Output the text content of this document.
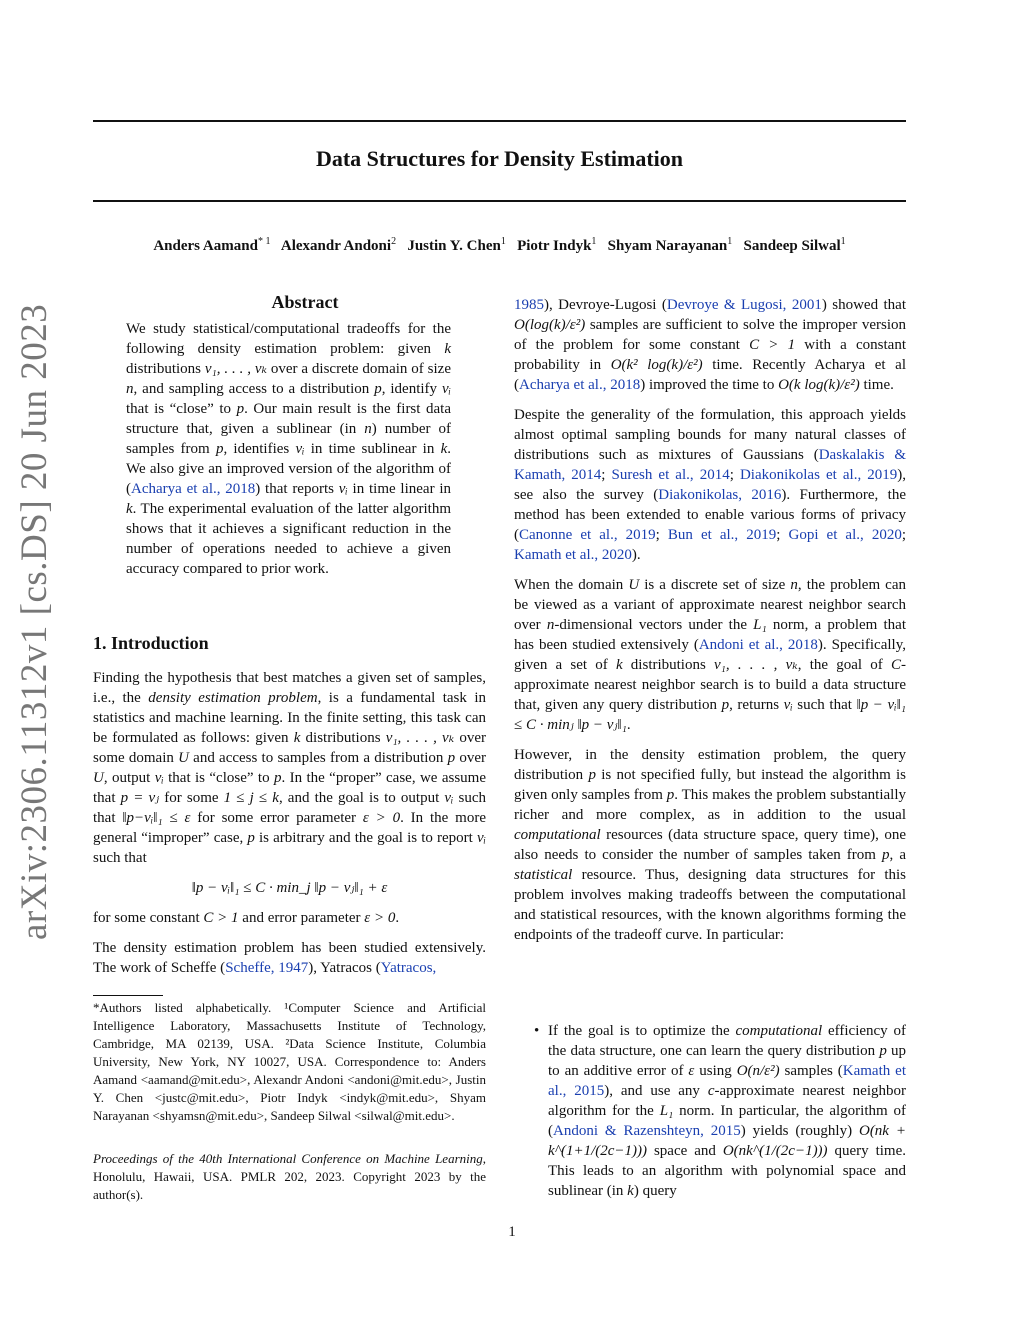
Data Structures for Density Estimation
Anders Aamand$^{* 1}$ Alexandr Andoni$^2$ Justin Y. Chen$^1$ Piotr Indyk$^1$ Shyam Narayanan$^1$ Sandeep Silwal$^1$
arXiv:2306.11312v1 [cs.DS] 20 Jun 2023
Abstract

We study statistical/computational tradeoffs for the following density estimation problem: given k distributions v₁, . . . , vₖ over a discrete domain of size n, and sampling access to a distribution p, identify vᵢ that is “close” to p. Our main result is the first data structure that, given a sublinear (in n) number of samples from p, identifies vᵢ in time sublinear in k. We also give an improved version of the algorithm of (Acharya et al., 2018) that reports vᵢ in time linear in k. The experimental evaluation of the latter algorithm shows that it achieves a significant reduction in the number of operations needed to achieve a given accuracy compared to prior work.

1. Introduction

Finding the hypothesis that best matches a given set of samples, i.e., the density estimation problem, is a fundamental task in statistics and machine learning. In the finite setting, this task can be formulated as follows: given k distributions v₁, . . . , vₖ over some domain U and access to samples from a distribution p over U, output vᵢ that is “close” to p. In the “proper” case, we assume that p = vⱼ for some 1 ≤ j ≤ k, and the goal is to output vᵢ such that ‖p−vᵢ‖₁ ≤ ε for some error parameter ε > 0. In the more general “improper” case, p is arbitrary and the goal is to report vᵢ such that

‖p − vᵢ‖₁ ≤ C · min_j ‖p − vⱼ‖₁ + ε

for some constant C > 1 and error parameter ε > 0.

The density estimation problem has been studied extensively. The work of Scheffe (Scheffe, 1947), Yatracos (Yatracos,

*Authors listed alphabetically. ¹Computer Science and Artificial Intelligence Laboratory, Massachusetts Institute of Technology, Cambridge, MA 02139, USA. ²Data Science Institute, Columbia University, New York, NY 10027, USA. Correspondence to: Anders Aamand <aamand@mit.edu>, Alexandr Andoni <andoni@mit.edu>, Justin Y. Chen <justc@mit.edu>, Piotr Indyk <indyk@mit.edu>, Shyam Narayanan <shyamsn@mit.edu>, Sandeep Silwal <silwal@mit.edu>.
Proceedings of the 40th International Conference on Machine Learning, Honolulu, Hawaii, USA. PMLR 202, 2023. Copyright 2023 by the author(s).

1985), Devroye-Lugosi (Devroye & Lugosi, 2001) showed that O(log(k)/ε²) samples are sufficient to solve the improper version of the problem for some constant C > 1 with a constant probability in O(k² log(k)/ε²) time. Recently Acharya et al (Acharya et al., 2018) improved the time to O(k log(k)/ε²) time.

Despite the generality of the formulation, this approach yields almost optimal sampling bounds for many natural classes of distributions such as mixtures of Gaussians (Daskalakis & Kamath, 2014; Suresh et al., 2014; Diakonikolas et al., 2019), see also the survey (Diakonikolas, 2016). Furthermore, the method has been extended to enable various forms of privacy (Canonne et al., 2019; Bun et al., 2019; Gopi et al., 2020; Kamath et al., 2020).

When the domain U is a discrete set of size n, the problem can be viewed as a variant of approximate nearest neighbor search over n-dimensional vectors under the L₁ norm, a problem that has been studied extensively (Andoni et al., 2018). Specifically, given a set of k distributions v₁, . . . , vₖ, the goal of C-approximate nearest neighbor search is to build a data structure that, given any query distribution p, returns vᵢ such that ‖p − vᵢ‖₁ ≤ C · minⱼ ‖p − vⱼ‖₁.

However, in the density estimation problem, the query distribution p is not specified fully, but instead the algorithm is given only samples from p. This makes the problem substantially richer and more complex, as in addition to the usual computational resources (data structure space, query time), one also needs to consider the number of samples taken from p, a statistical resource. Thus, designing data structures for this problem involves making tradeoffs between the computational and statistical resources, with the known algorithms forming the endpoints of the tradeoff curve. In particular:

• If the goal is to optimize the computational efficiency of the data structure, one can learn the query distribution p up to an additive error of ε using O(n/ε²) samples (Kamath et al., 2015), and use any c-approximate nearest neighbor algorithm for the L₁ norm. In particular, the algorithm of (Andoni & Razenshteyn, 2015) yields (roughly) O(nk + k^(1+1/(2c−1))) space and O(nk^(1/(2c−1))) query time. This leads to an algorithm with polynomial space and sublinear (in k) query
1
